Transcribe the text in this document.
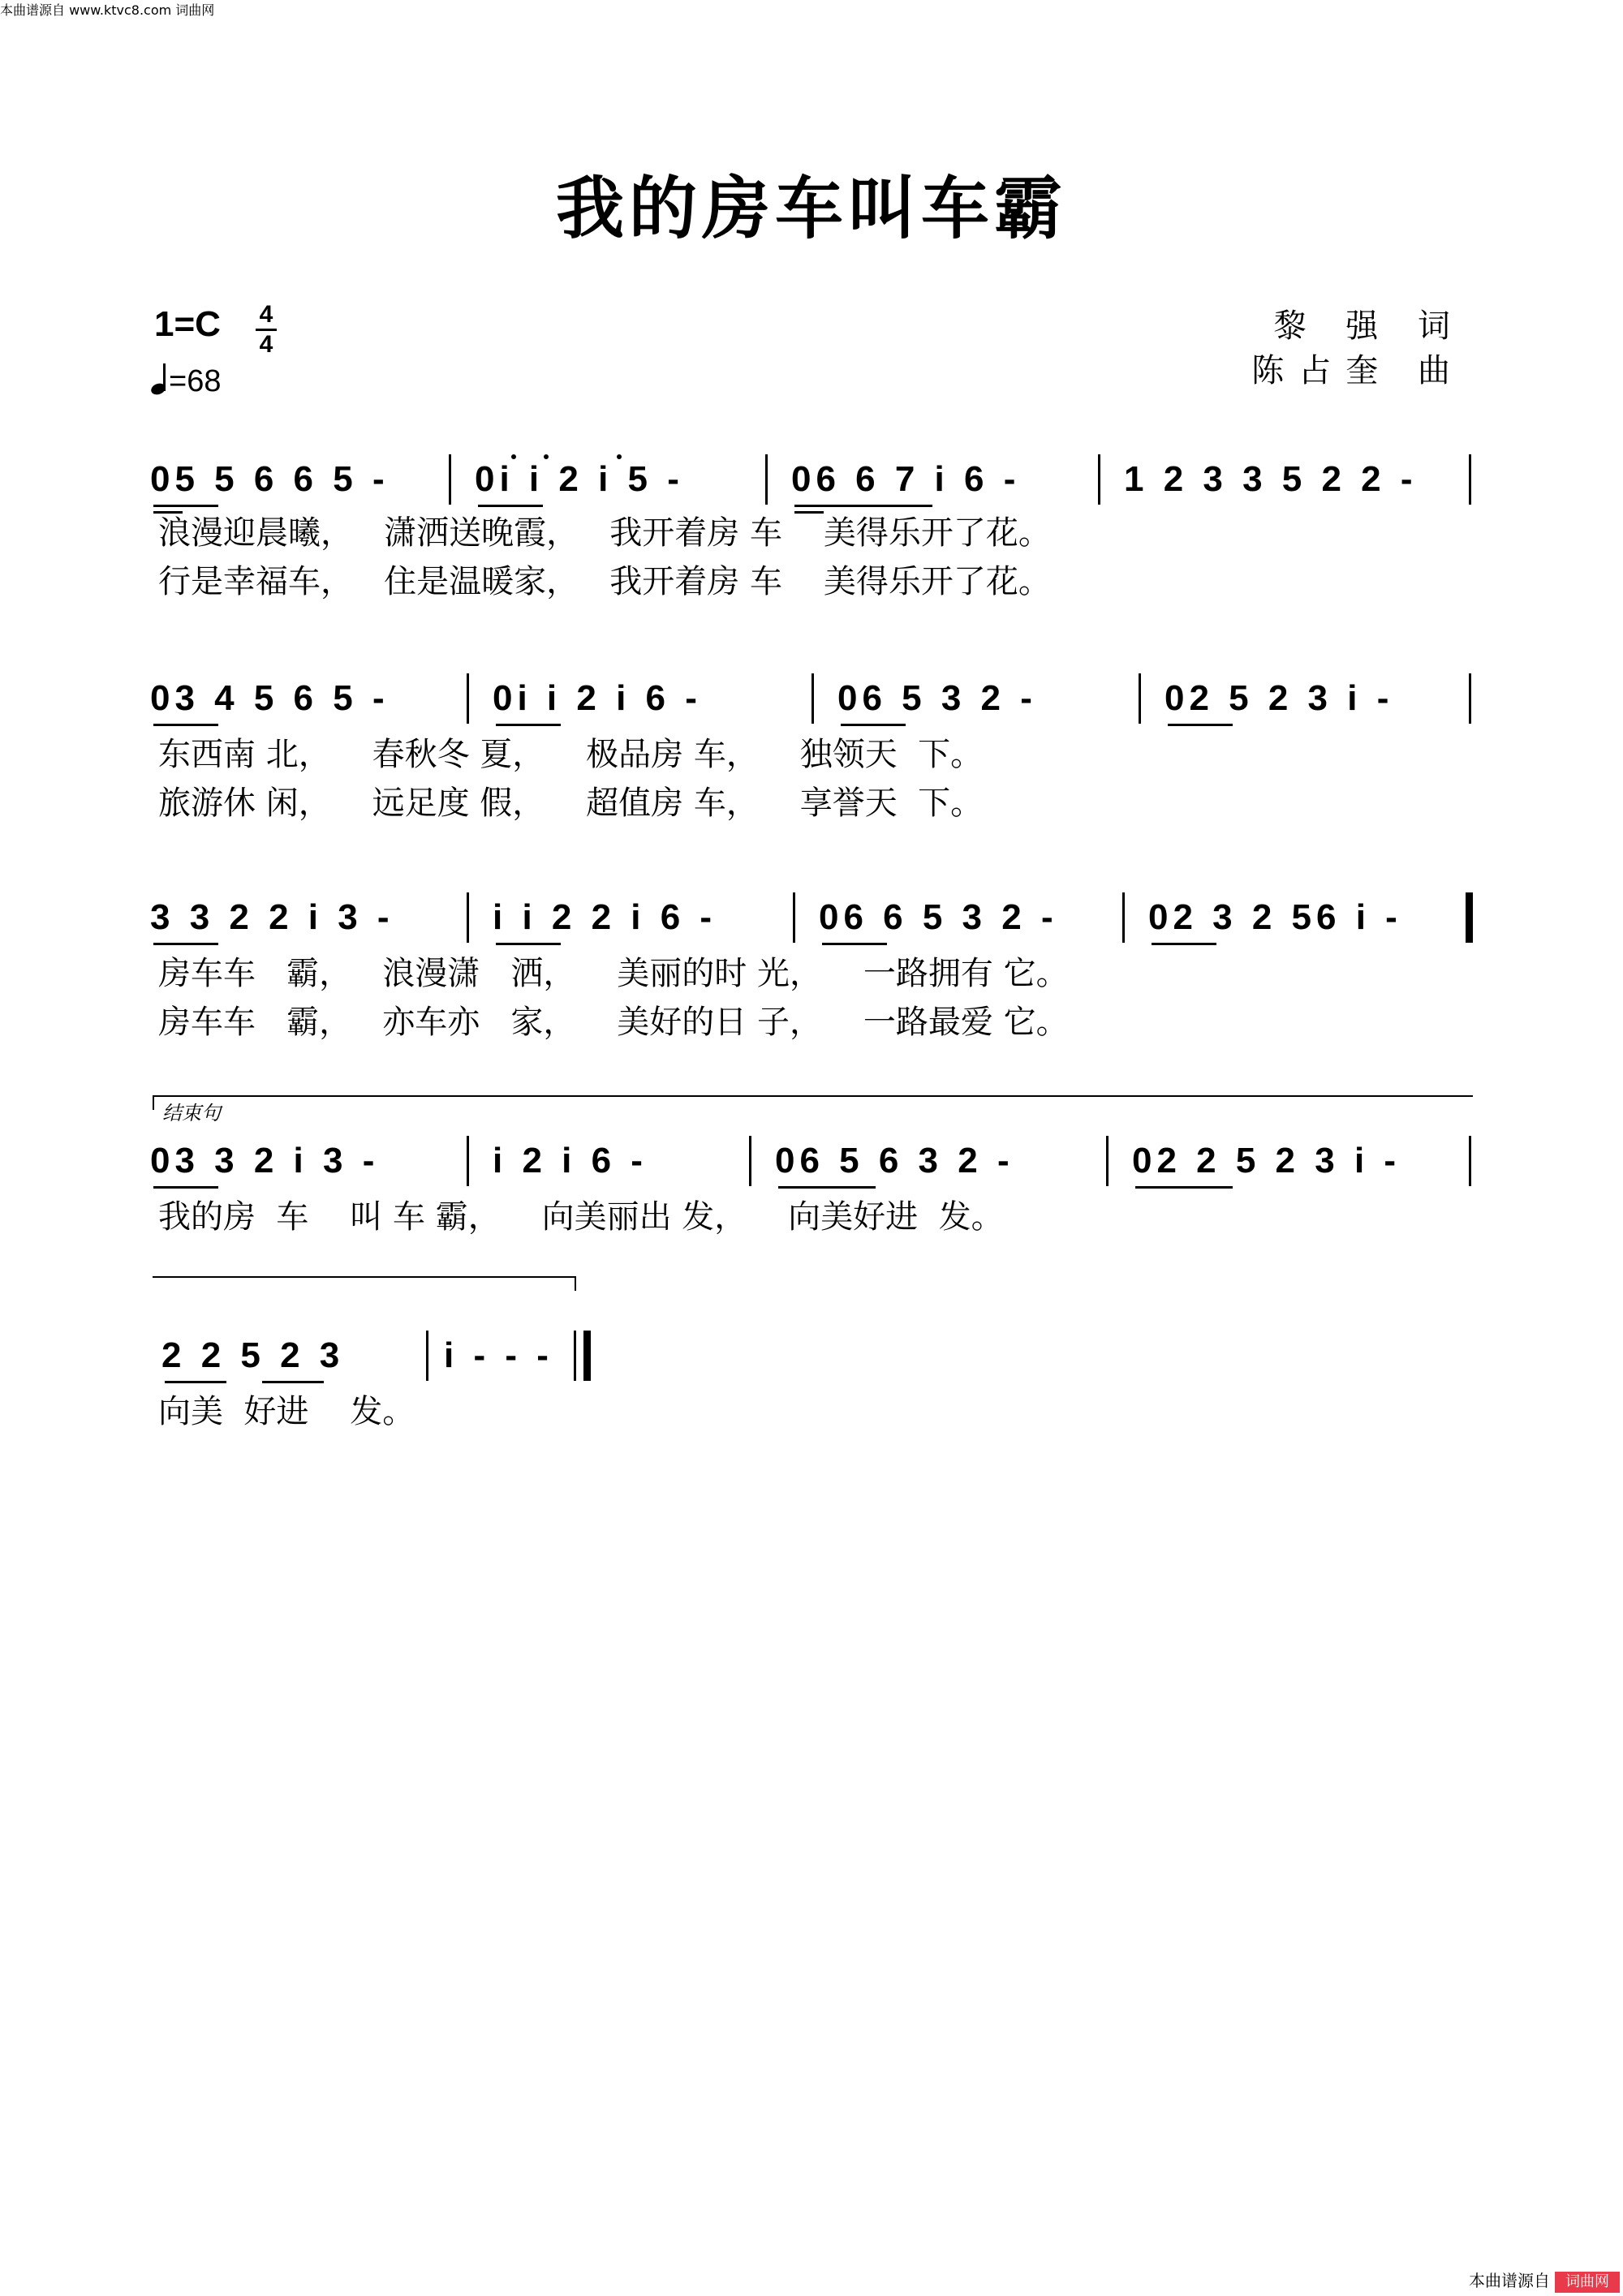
本曲谱源自 www.ktvc8.com 词曲网
我的房车叫车霸
1=C 4
4
=68
黎 强 词
陈占奎 曲
05 5 6 6 5 - 0i i 2 i 5 -	06 6 7 i 6 -	1 2 3 3 5 2 2 -
浪漫迎晨曦，   潇洒送晚霞，   我开着房 车    美得乐开了花。
行是幸福车，   住是温暖家，   我开着房 车    美得乐开了花。
03 4 5 6 5 -	0i i 2 i 6 -	06 5 3 2 -	02 5 2 3 i -
东西南 北，    春秋冬 夏，    极品房 车，    独领天  下。
旅游休 闲，    远足度 假，    超值房 车，    享誉天  下。
3 3 2 2 i 3 -	i i 2 2 i 6 -	06 6 5 3 2 -	02 3 2 56 i -
房车车   霸，   浪漫潇   洒，    美丽的时 光，    一路拥有 它。
房车车   霸，   亦车亦   家，    美好的日 子，    一路最爱 它。
结束句
03 3 2 i 3 -	i 2 i 6 -	06 5 6 3 2 -	02 2 5 2 3 i -
我的房  车    叫 车 霸，    向美丽出 发，    向美好进  发。
2 2 5 2 3	i - - -
向美  好进    发。
本曲谱源自	词曲网
